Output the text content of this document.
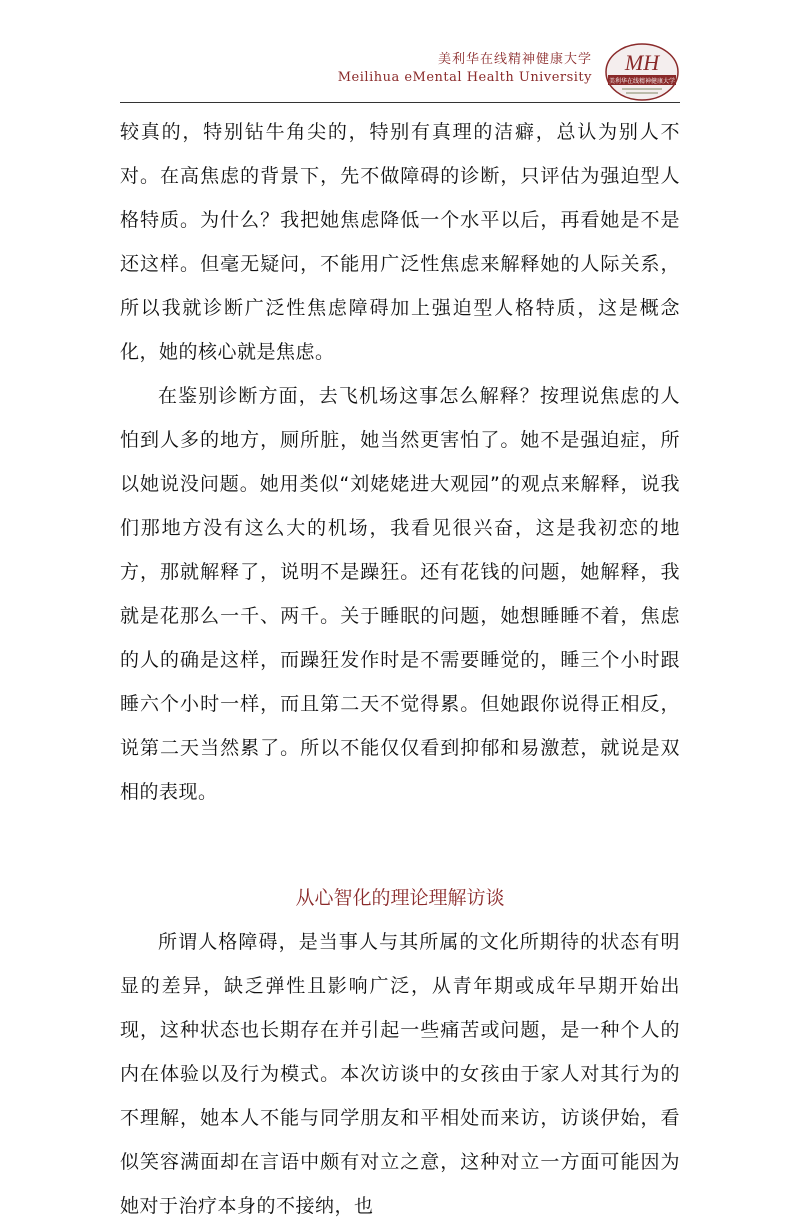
美利华在线精神健康大学
Meilihua eMental Health University
MH
美利华在线精神健康大学

较真的，特别钻牛角尖的，特别有真理的洁癖，总认为别人不对。在高焦虑的背景下，先不做障碍的诊断，只评估为强迫型人格特质。为什么？我把她焦虑降低一个水平以后，再看她是不是还这样。但毫无疑问，不能用广泛性焦虑来解释她的人际关系，所以我就诊断广泛性焦虑障碍加上强迫型人格特质，这是概念化，她的核心就是焦虑。

在鉴别诊断方面，去飞机场这事怎么解释？按理说焦虑的人怕到人多的地方，厕所脏，她当然更害怕了。她不是强迫症，所以她说没问题。她用类似“刘姥姥进大观园”的观点来解释，说我们那地方没有这么大的机场，我看见很兴奋，这是我初恋的地方，那就解释了，说明不是躁狂。还有花钱的问题，她解释，我就是花那么一千、两千。关于睡眠的问题，她想睡睡不着，焦虑的人的确是这样，而躁狂发作时是不需要睡觉的，睡三个小时跟睡六个小时一样，而且第二天不觉得累。但她跟你说得正相反，说第二天当然累了。所以不能仅仅看到抑郁和易激惹，就说是双相的表现。

从心智化的理论理解访谈

所谓人格障碍，是当事人与其所属的文化所期待的状态有明显的差异，缺乏弹性且影响广泛，从青年期或成年早期开始出现，这种状态也长期存在并引起一些痛苦或问题，是一种个人的内在体验以及行为模式。本次访谈中的女孩由于家人对其行为的不理解，她本人不能与同学朋友和平相处而来访，访谈伊始，看似笑容满面却在言语中颇有对立之意，这种对立一方面可能因为她对于治疗本身的不接纳，也
